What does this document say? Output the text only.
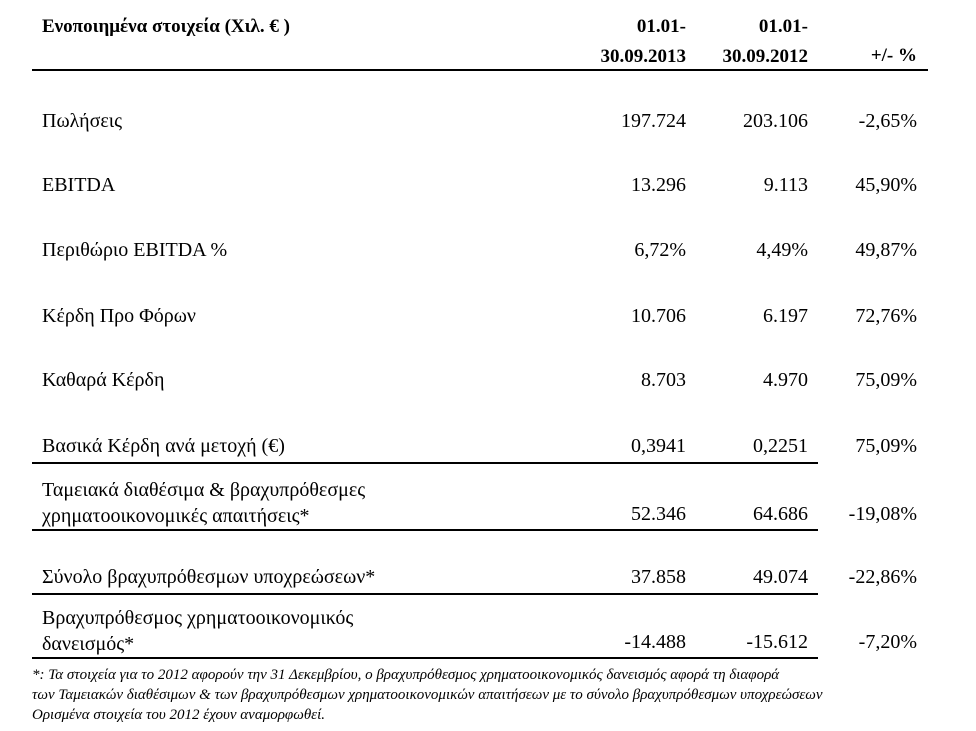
Ενοποιημένα στοιχεία (Χιλ. € )	01.01-
30.09.2013
01.01-
30.09.2012	+/- %
Πωλήσεις	197.724	203.106	-2,65%
EBITDA	13.296	9.113 45,90%
Περιθώριο EBITDA %	6,72%	4,49% 49,87%
Κέρδη Προ Φόρων	10.706	6.197 72,76%
Καθαρά Κέρδη	8.703	4.970 75,09%
Βασικά Κέρδη ανά μετοχή (€)	0,3941	0,2251 75,09%
Ταμειακά διαθέσιμα & βραχυπρόθεσμες
χρηματοοικονομικές απαιτήσεις*	52.346	64.686 -19,08%
Σύνολο βραχυπρόθεσμων υποχρεώσεων*	37.858	49.074 -22,86%
Βραχυπρόθεσμος χρηματοοικονομικός
δανεισμός*	-14.488	-15.612	-7,20%
*: Τα στοιχεία για το 2012 αφορούν την 31 Δεκεμβρίου, ο βραχυπρόθεσμος χρηματοοικονομικός δανεισμός αφορά τη διαφορά
των Ταμειακών διαθέσιμων & των βραχυπρόθεσμων χρηματοοικονομικών απαιτήσεων με το σύνολο βραχυπρόθεσμων υποχρεώσεων
Ορισμένα στοιχεία του 2012 έχουν αναμορφωθεί.
